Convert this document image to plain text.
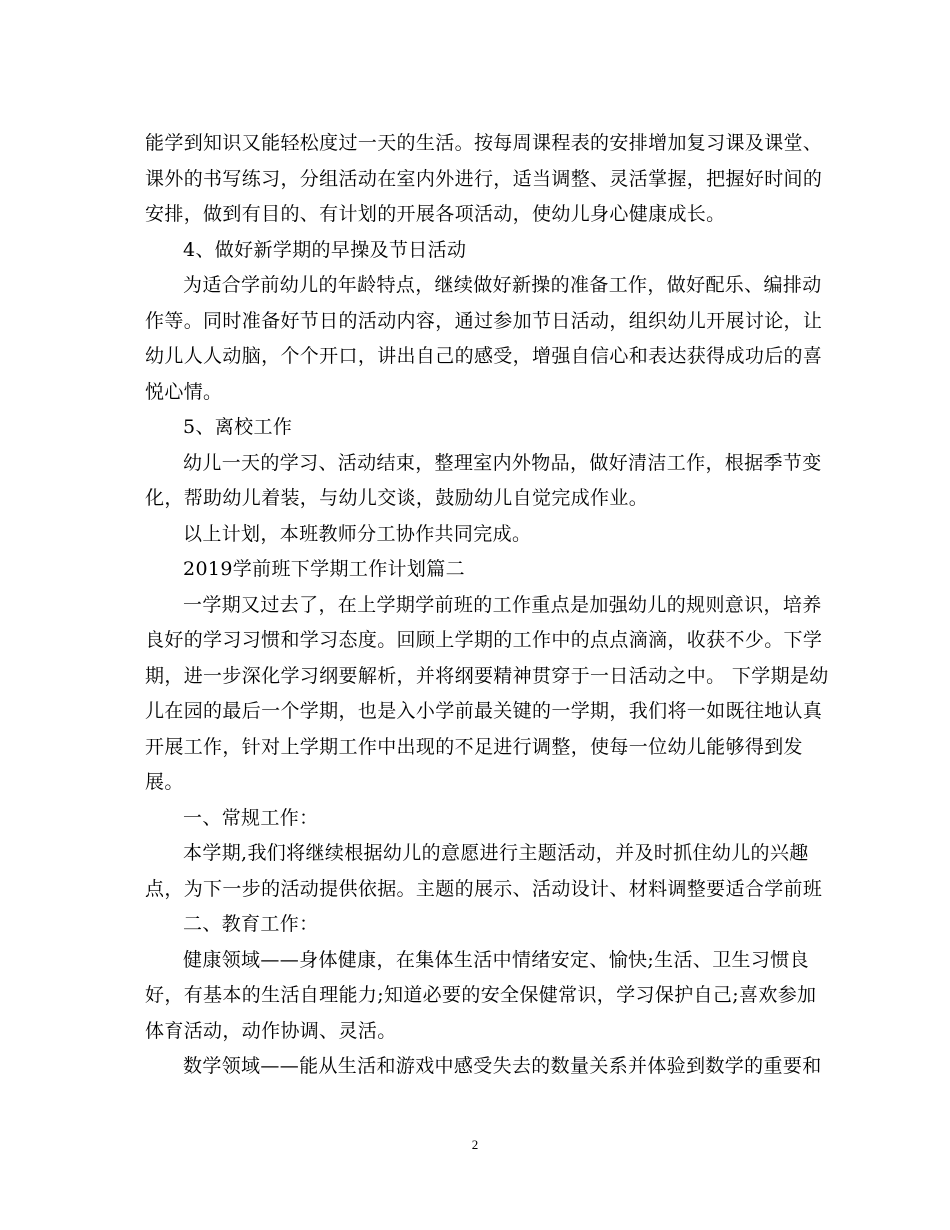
能学到知识又能轻松度过一天的生活。按每周课程表的安排增加复习课及课堂、
课外的书写练习，分组活动在室内外进行，适当调整、灵活掌握，把握好时间的
安排，做到有目的、有计划的开展各项活动，使幼儿身心健康成长。
4、做好新学期的早操及节日活动
为适合学前幼儿的年龄特点，继续做好新操的准备工作，做好配乐、编排动
作等。同时准备好节日的活动内容，通过参加节日活动，组织幼儿开展讨论，让
幼儿人人动脑，个个开口，讲出自己的感受，增强自信心和表达获得成功后的喜
悦心情。
5、离校工作
幼儿一天的学习、活动结束，整理室内外物品，做好清洁工作，根据季节变
化，帮助幼儿着装，与幼儿交谈，鼓励幼儿自觉完成作业。
以上计划，本班教师分工协作共同完成。
2019学前班下学期工作计划篇二
一学期又过去了，在上学期学前班的工作重点是加强幼儿的规则意识，培养
良好的学习习惯和学习态度。回顾上学期的工作中的点点滴滴，收获不少。下学
期，进一步深化学习纲要解析，并将纲要精神贯穿于一日活动之中。 下学期是幼
儿在园的最后一个学期，也是入小学前最关键的一学期，我们将一如既往地认真
开展工作，针对上学期工作中出现的不足进行调整，使每一位幼儿能够得到发
展。
一、常规工作：
本学期,我们将继续根据幼儿的意愿进行主题活动，并及时抓住幼儿的兴趣
点，为下一步的活动提供依据。主题的展示、活动设计、材料调整要适合学前班
二、教育工作：
健康领域——身体健康，在集体生活中情绪安定、愉快;生活、卫生习惯良
好，有基本的生活自理能力;知道必要的安全保健常识，学习保护自己;喜欢参加
体育活动，动作协调、灵活。
数学领域——能从生活和游戏中感受失去的数量关系并体验到数学的重要和
2
